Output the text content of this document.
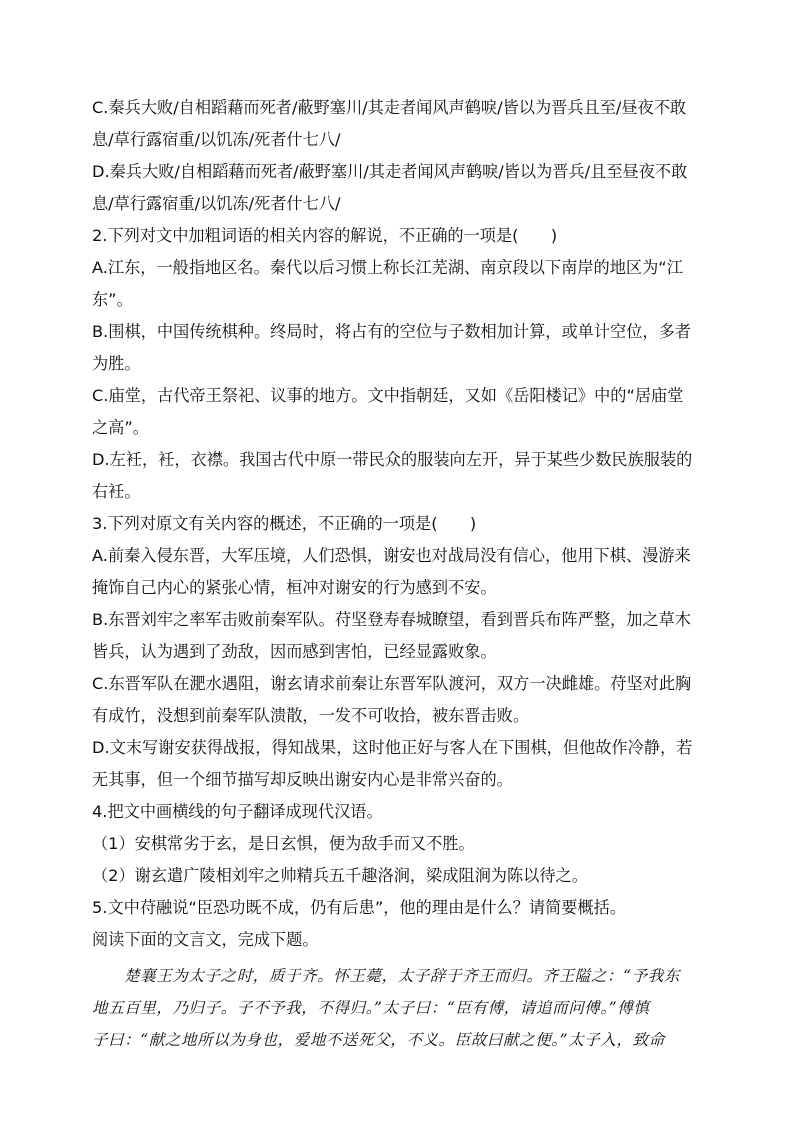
C.秦兵大败/自相蹈藉而死者/蔽野塞川/其走者闻风声鹤唳/皆以为晋兵且至/昼夜不敢
息/草行露宿重/以饥冻/死者什七八/
D.秦兵大败/自相蹈藉而死者/蔽野塞川/其走者闻风声鹤唳/皆以为晋兵/且至昼夜不敢
息/草行露宿重/以饥冻/死者什七八/
2.下列对文中加粗词语的相关内容的解说，不正确的一项是(　　)
A.江东，一般指地区名。秦代以后习惯上称长江芜湖、南京段以下南岸的地区为“江
东”。
B.围棋，中国传统棋种。终局时，将占有的空位与子数相加计算，或单计空位，多者
为胜。
C.庙堂，古代帝王祭祀、议事的地方。文中指朝廷，又如《岳阳楼记》中的“居庙堂
之高”。
D.左衽，衽，衣襟。我国古代中原一带民众的服装向左开，异于某些少数民族服装的
右衽。
3.下列对原文有关内容的概述，不正确的一项是(　　)
A.前秦入侵东晋，大军压境，人们恐惧，谢安也对战局没有信心，他用下棋、漫游来
掩饰自己内心的紧张心情，桓冲对谢安的行为感到不安。
B.东晋刘牢之率军击败前秦军队。苻坚登寿春城瞭望，看到晋兵布阵严整，加之草木
皆兵，认为遇到了劲敌，因而感到害怕，已经显露败象。
C.东晋军队在淝水遇阻，谢玄请求前秦让东晋军队渡河，双方一决雌雄。苻坚对此胸
有成竹，没想到前秦军队溃散，一发不可收拾，被东晋击败。
D.文末写谢安获得战报，得知战果，这时他正好与客人在下围棋，但他故作冷静，若
无其事，但一个细节描写却反映出谢安内心是非常兴奋的。
4.把文中画横线的句子翻译成现代汉语。
（1）安棋常劣于玄，是日玄惧，便为敌手而又不胜。
（2）谢玄遣广陵相刘牢之帅精兵五千趣洛涧，梁成阻涧为陈以待之。
5.文中苻融说“臣恐功既不成，仍有后患”，他的理由是什么？请简要概括。
阅读下面的文言文，完成下题。
楚襄王为太子之时，质于齐。怀王薨，太子辞于齐王而归。齐王隘之：“予我东
地五百里，乃归子。子不予我，不得归。”太子曰：“臣有傅，请追而问傅。”傅慎
子曰：“献之地所以为身也，爱地不送死父，不义。臣故曰献之便。”太子入，致命
